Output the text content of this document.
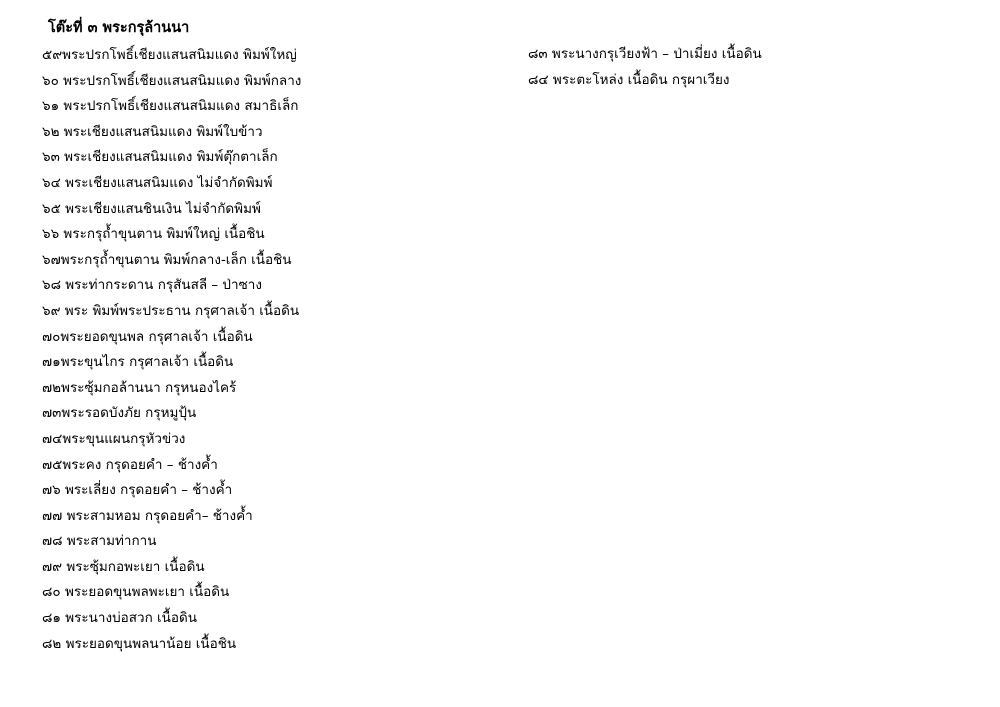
โต๊ะที่ ๓ พระกรุล้านนา
๕๙พระปรกโพธิ์เชียงแสนสนิมแดง พิมพ์ใหญ่
๖๐ พระปรกโพธิ์เชียงแสนสนิมแดง พิมพ์กลาง
๖๑ พระปรกโพธิ์เชียงแสนสนิมแดง สมาธิเล็ก
๖๒ พระเชียงแสนสนิมแดง พิมพ์ใบข้าว
๖๓ พระเชียงแสนสนิมแดง พิมพ์ตุ๊กตาเล็ก
๖๔ พระเชียงแสนสนิมแดง ไม่จำกัดพิมพ์
๖๕ พระเชียงแสนชินเงิน ไม่จำกัดพิมพ์
๖๖ พระกรุถ้ำขุนตาน พิมพ์ใหญ่ เนื้อชิน
๖๗พระกรุถ้ำขุนตาน พิมพ์กลาง-เล็ก เนื้อชิน
๖๘ พระท่ากระดาน กรุสันสลี – ป่าซาง
๖๙ พระ พิมพ์พระประธาน กรุศาลเจ้า เนื้อดิน
๗๐พระยอดขุนพล กรุศาลเจ้า เนื้อดิน
๗๑พระขุนไกร กรุศาลเจ้า เนื้อดิน
๗๒พระซุ้มกอล้านนา กรุหนองไคร้
๗๓พระรอดบังภัย กรุหมูปุ้น
๗๔พระขุนแผนกรุหัวข่วง
๗๕พระคง กรุดอยคำ – ช้างค้ำ
๗๖ พระเลี่ยง กรุดอยคำ – ช้างค้ำ
๗๗ พระสามหอม กรุดอยคำ– ช้างค้ำ
๗๘ พระสามท่ากาน
๗๙ พระซุ้มกอพะเยา เนื้อดิน
๘๐ พระยอดขุนพลพะเยา เนื้อดิน
๘๑ พระนางบ่อสวก เนื้อดิน
๘๒ พระยอดขุนพลนาน้อย เนื้อชิน
๘๓ พระนางกรุเวียงฟ้า – ป่าเมี่ยง เนื้อดิน
๘๔ พระตะโหล่ง เนื้อดิน กรุผาเวียง
